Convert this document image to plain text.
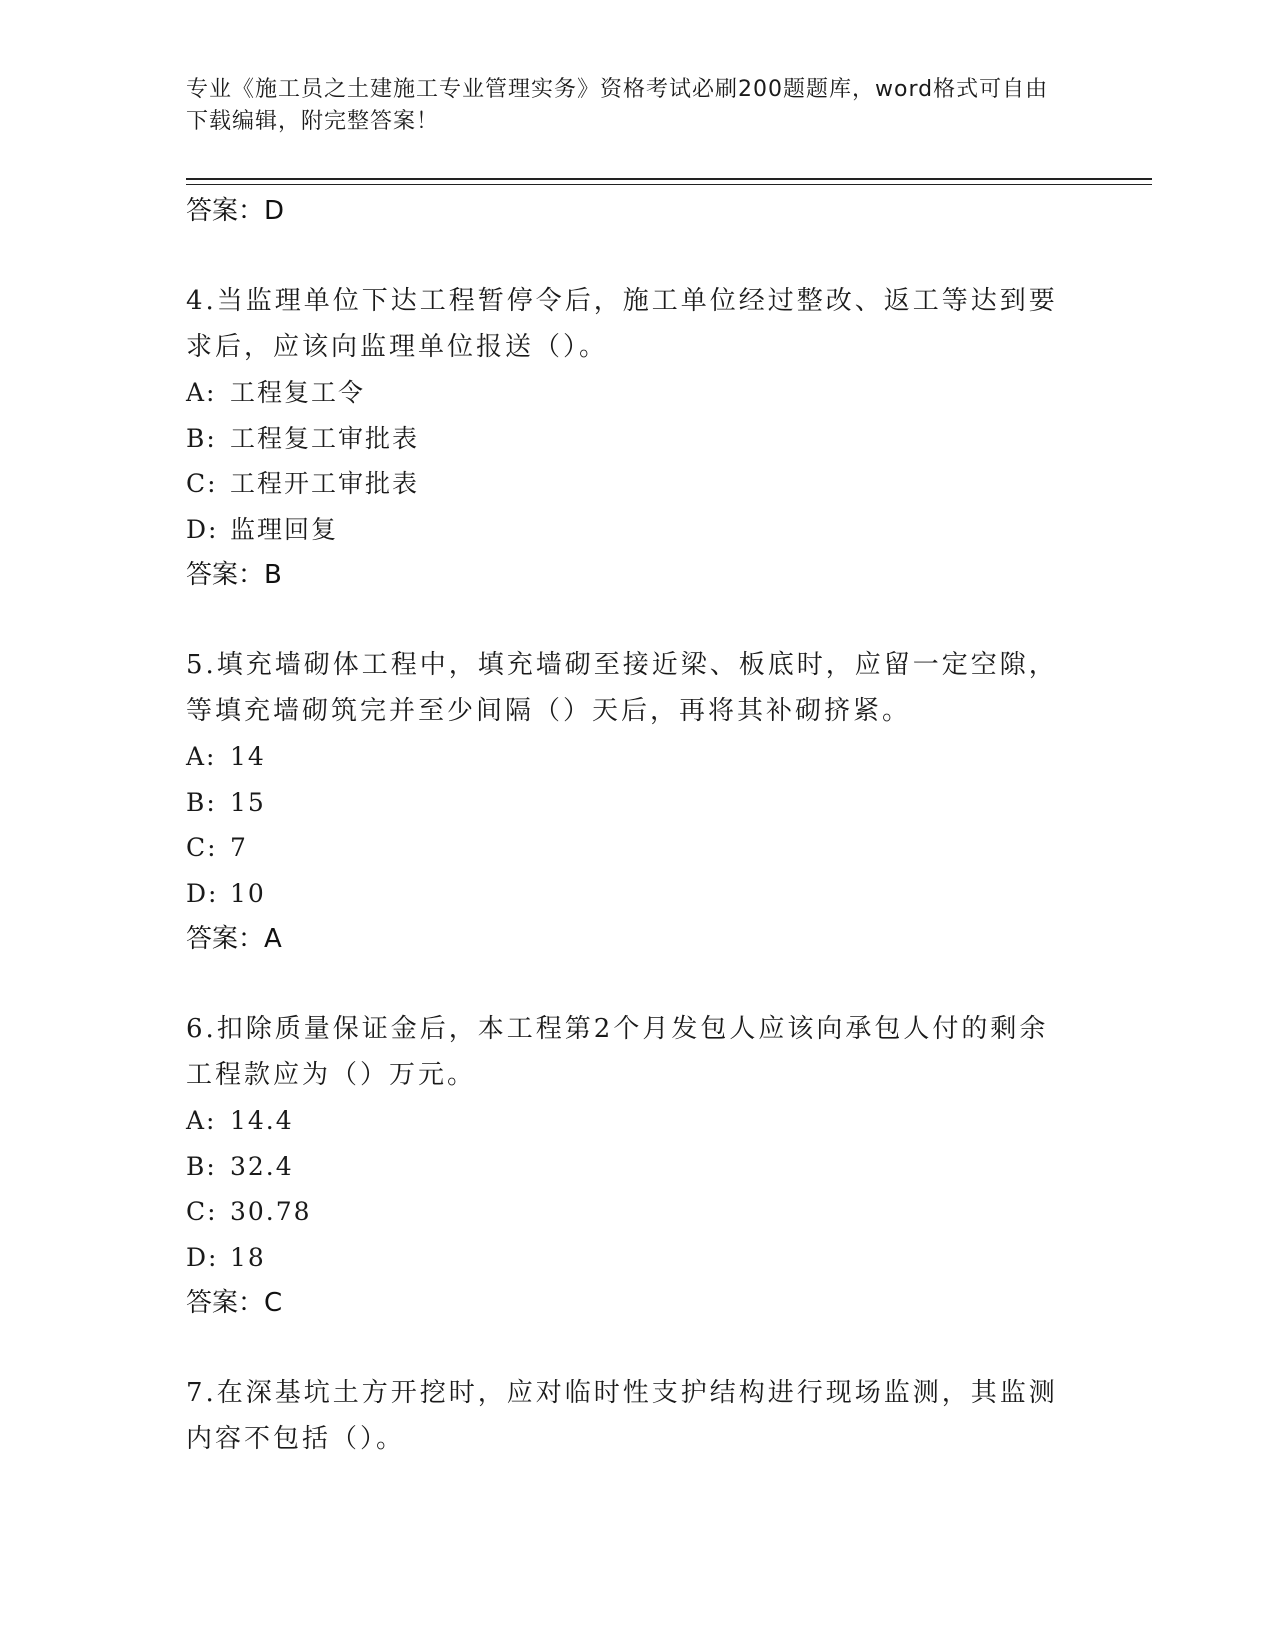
专业《施工员之土建施工专业管理实务》资格考试必刷200题题库，word格式可自由下载编辑，附完整答案！

答案：D

4.当监理单位下达工程暂停令后，施工单位经过整改、返工等达到要求后，应该向监理单位报送（）。

A: 工程复工令

B: 工程复工审批表

C: 工程开工审批表

D: 监理回复

答案：B

5.填充墙砌体工程中，填充墙砌至接近梁、板底时，应留一定空隙，等填充墙砌筑完并至少间隔（）天后，再将其补砌挤紧。

A: 14

B: 15

C: 7

D: 10

答案：A

6.扣除质量保证金后，本工程第2个月发包人应该向承包人付的剩余工程款应为（）万元。

A: 14.4

B: 32.4

C: 30.78

D: 18

答案：C

7.在深基坑土方开挖时，应对临时性支护结构进行现场监测，其监测内容不包括（）。
